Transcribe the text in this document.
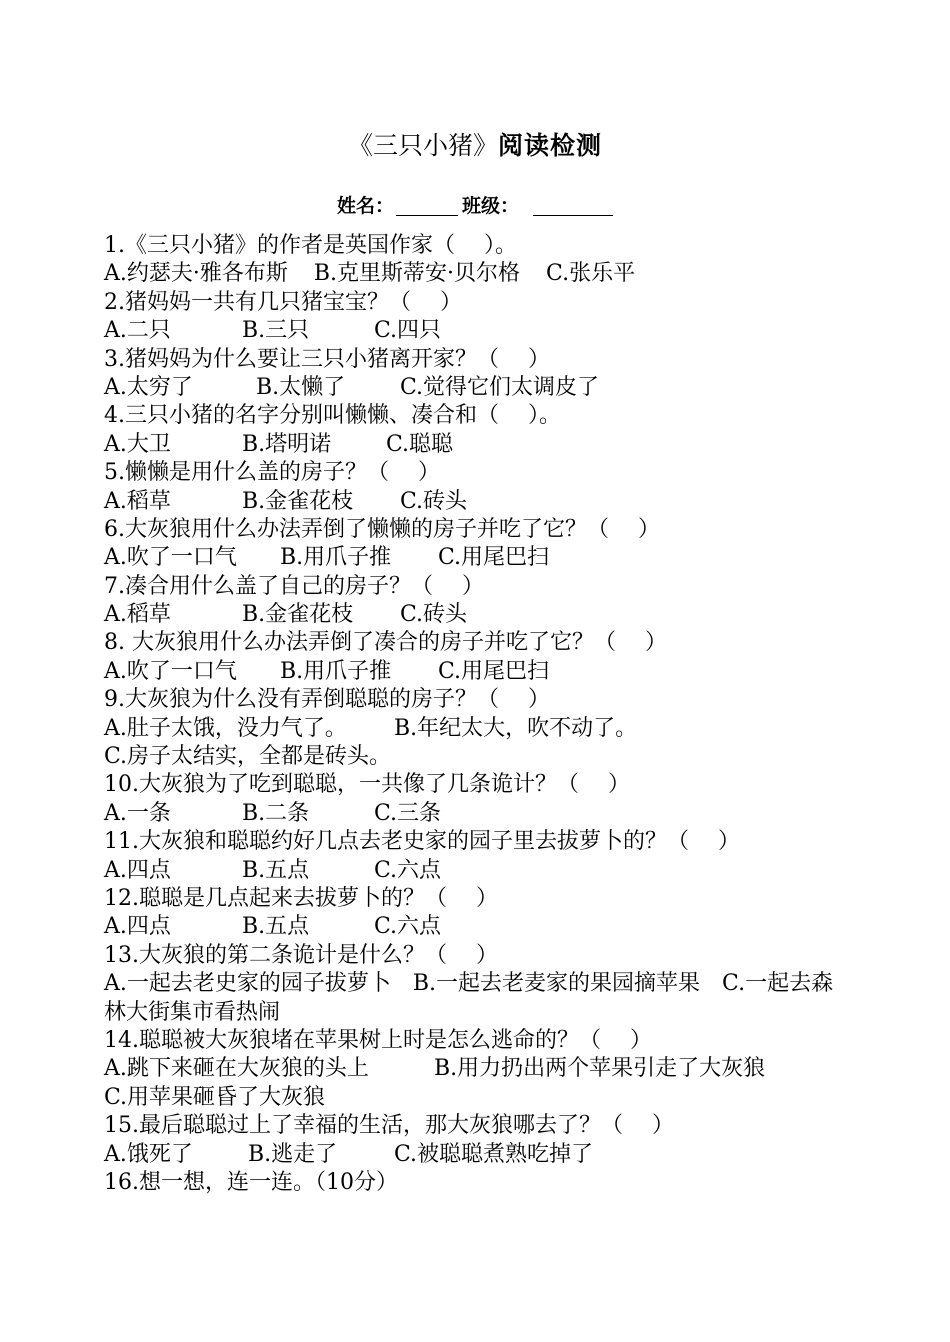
《三只小猪》阅读检测
姓名：	班级：
1.《三只小猪》的作者是英国作家（　 ）。
A.约瑟夫·雅各布斯 B.克里斯蒂安·贝尔格 C.张乐平
2.猪妈妈一共有几只猪宝宝？（　 ）
A.二只	B.三只	C.四只
3.猪妈妈为什么要让三只小猪离开家？（　 ）
A.太穷了	B.太懒了 C.觉得它们太调皮了
4.三只小猪的名字分别叫懒懒、凑合和（　 ）。
A.大卫	B.塔明诺 C.聪聪
5.懒懒是用什么盖的房子？（　 ）
A.稻草	B.金雀花枝 C.砖头
6.大灰狼用什么办法弄倒了懒懒的房子并吃了它？（　 ）
A.吹了一口气 B.用爪子推 C.用尾巴扫
7.凑合用什么盖了自己的房子？（　 ）
A.稻草	B.金雀花枝 C.砖头
8. 大灰狼用什么办法弄倒了凑合的房子并吃了它？（　 ）
A.吹了一口气 B.用爪子推 C.用尾巴扫
9.大灰狼为什么没有弄倒聪聪的房子？（　 ）
A.肚子太饿，没力气了。 B.年纪太大，吹不动了。
C.房子太结实，全都是砖头。
10.大灰狼为了吃到聪聪，一共像了几条诡计？（　 ）
A.一条	B.二条	C.三条
11.大灰狼和聪聪约好几点去老史家的园子里去拔萝卜的？（　 ）
A.四点	B.五点	C.六点
12.聪聪是几点起来去拔萝卜的？（　 ）
A.四点	B.五点	C.六点
13.大灰狼的第二条诡计是什么？（　 ）
A.一起去老史家的园子拔萝卜　B.一起去老麦家的果园摘苹果　C.一起去森林大街集市看热闹
14.聪聪被大灰狼堵在苹果树上时是怎么逃命的？（　 ）
A.跳下来砸在大灰狼的头上	B.用力扔出两个苹果引走了大灰狼
C.用苹果砸昏了大灰狼
15.最后聪聪过上了幸福的生活，那大灰狼哪去了？（　 ）
A.饿死了	B.逃走了	C.被聪聪煮熟吃掉了
16.想一想，连一连。（10分）
